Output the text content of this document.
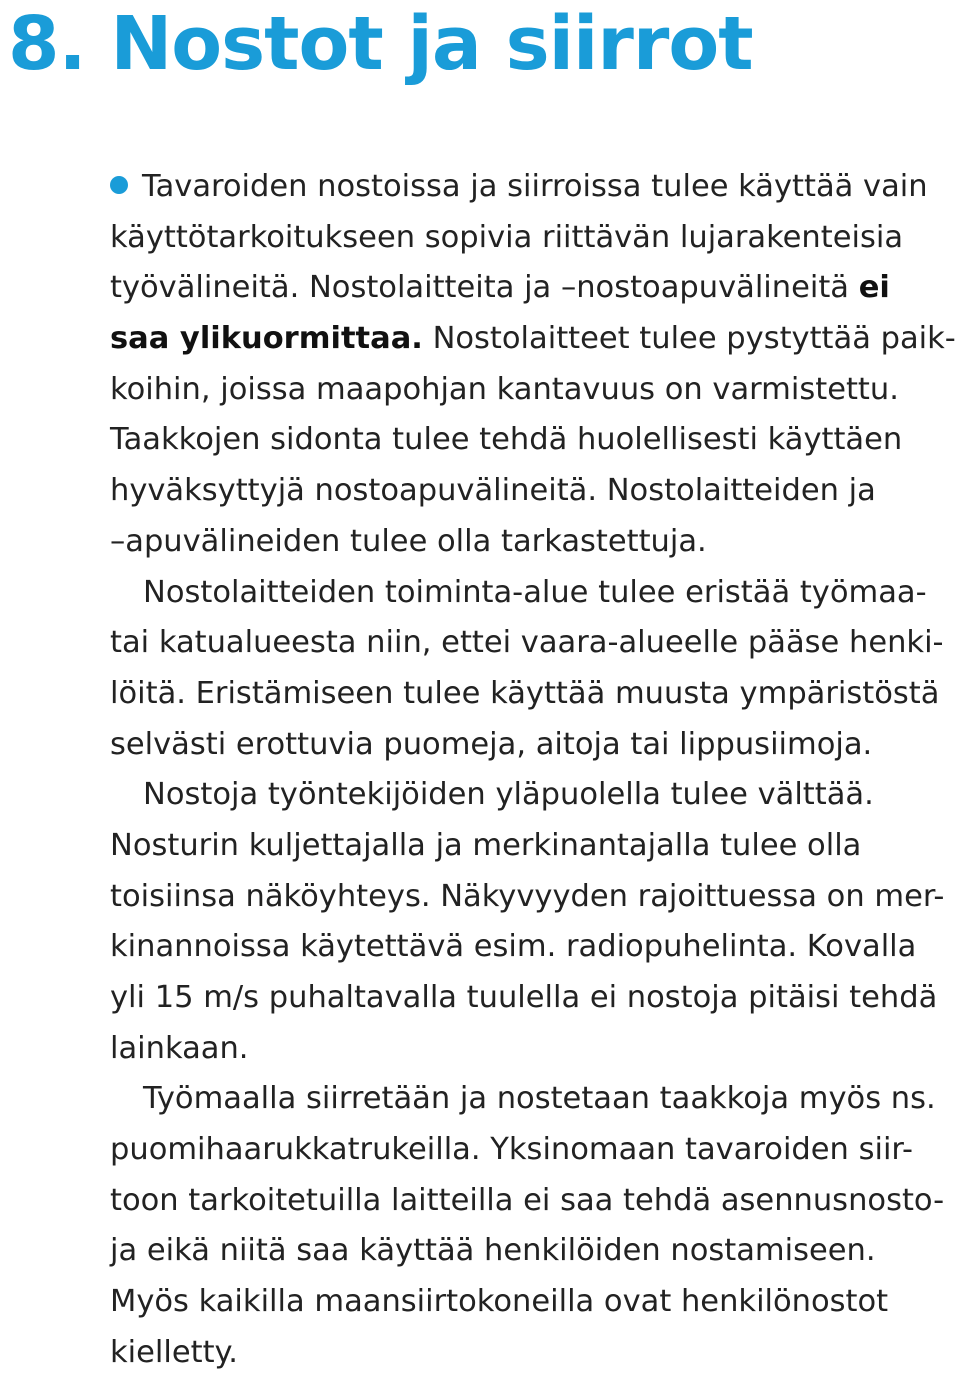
8. Nostot ja siirrot
Tavaroiden nostoissa ja siirroissa tulee käyttää vain
käyttötarkoitukseen sopivia riittävän lujarakenteisia
työvälineitä. Nostolaitteita ja –nostoapuvälineitä ei
saa ylikuormittaa. Nostolaitteet tulee pystyttää paik-
koihin, joissa maapohjan kantavuus on varmistettu.
Taakkojen sidonta tulee tehdä huolellisesti käyttäen
hyväksyttyjä nostoapuvälineitä. Nostolaitteiden ja
–apuvälineiden tulee olla tarkastettuja.
Nostolaitteiden toiminta-alue tulee eristää työmaa-
tai katualueesta niin, ettei vaara-alueelle pääse henki-
löitä. Eristämiseen tulee käyttää muusta ympäristöstä
selvästi erottuvia puomeja, aitoja tai lippusiimoja.
Nostoja työntekijöiden yläpuolella tulee välttää.
Nosturin kuljettajalla ja merkinantajalla tulee olla
toisiinsa näköyhteys. Näkyvyyden rajoittuessa on mer-
kinannoissa käytettävä esim. radiopuhelinta. Kovalla
yli 15 m/s puhaltavalla tuulella ei nostoja pitäisi tehdä
lainkaan.
Työmaalla siirretään ja nostetaan taakkoja myös ns.
puomihaarukkatrukeilla. Yksinomaan tavaroiden siir-
toon tarkoitetuilla laitteilla ei saa tehdä asennusnosto-
ja eikä niitä saa käyttää henkilöiden nostamiseen.
Myös kaikilla maansiirtokoneilla ovat henkilönostot
kielletty.
